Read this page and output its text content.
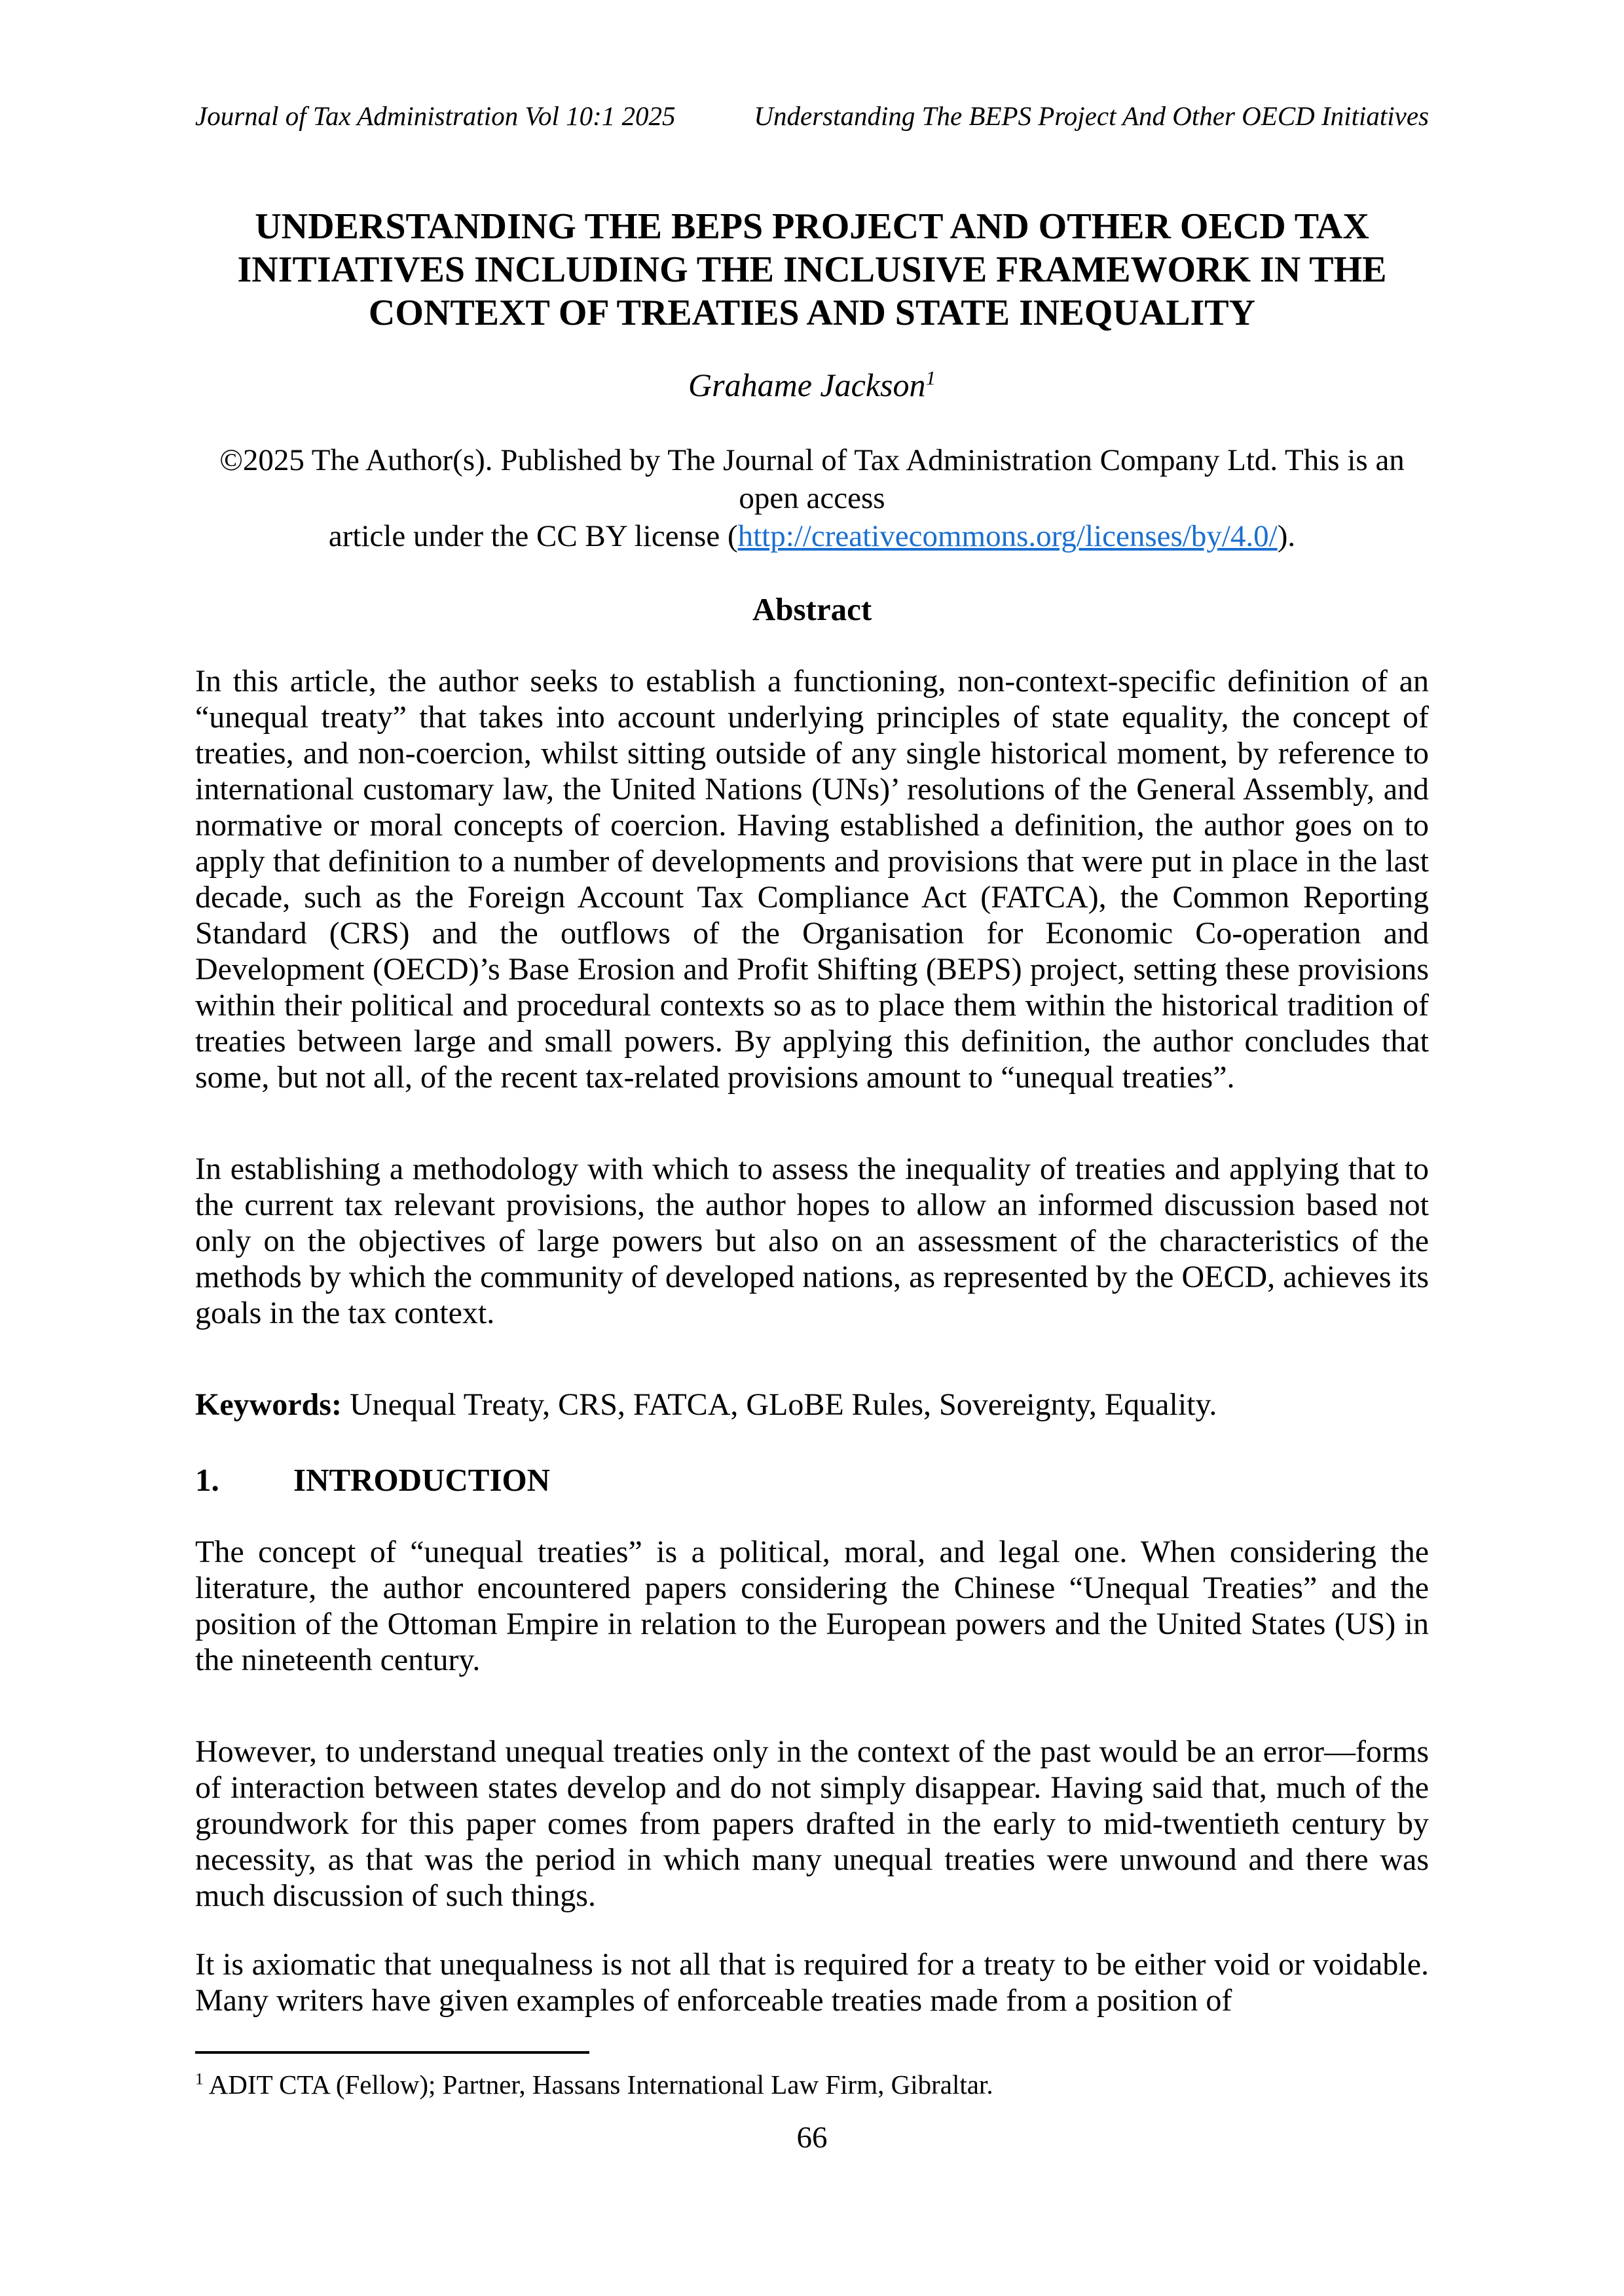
Journal of Tax Administration Vol 10:1 2025	Understanding The BEPS Project And Other OECD Initiatives
UNDERSTANDING THE BEPS PROJECT AND OTHER OECD TAX
INITIATIVES INCLUDING THE INCLUSIVE FRAMEWORK IN THE
CONTEXT OF TREATIES AND STATE INEQUALITY
Grahame Jackson$^1$
©2025 The Author(s). Published by The Journal of Tax Administration Company Ltd. This is an open access
article under the CC BY license (http://creativecommons.org/licenses/by/4.0/).
Abstract

In this article, the author seeks to establish a functioning, non-context-specific definition of an “unequal treaty” that takes into account underlying principles of state equality, the concept of treaties, and non-coercion, whilst sitting outside of any single historical moment, by reference to international customary law, the United Nations (UNs)’ resolutions of the General Assembly, and normative or moral concepts of coercion. Having established a definition, the author goes on to apply that definition to a number of developments and provisions that were put in place in the last decade, such as the Foreign Account Tax Compliance Act (FATCA), the Common Reporting Standard (CRS) and the outflows of the Organisation for Economic Co-operation and Development (OECD)’s Base Erosion and Profit Shifting (BEPS) project, setting these provisions within their political and procedural contexts so as to place them within the historical tradition of treaties between large and small powers. By applying this definition, the author concludes that some, but not all, of the recent tax-related provisions amount to “unequal treaties”.

In establishing a methodology with which to assess the inequality of treaties and applying that to the current tax relevant provisions, the author hopes to allow an informed discussion based not only on the objectives of large powers but also on an assessment of the characteristics of the methods by which the community of developed nations, as represented by the OECD, achieves its goals in the tax context.

Keywords: Unequal Treaty, CRS, FATCA, GLoBE Rules, Sovereignty, Equality.
1. INTRODUCTION

The concept of “unequal treaties” is a political, moral, and legal one. When considering the literature, the author encountered papers considering the Chinese “Unequal Treaties” and the position of the Ottoman Empire in relation to the European powers and the United States (US) in the nineteenth century.

However, to understand unequal treaties only in the context of the past would be an error—forms of interaction between states develop and do not simply disappear. Having said that, much of the groundwork for this paper comes from papers drafted in the early to mid-twentieth century by necessity, as that was the period in which many unequal treaties were unwound and there was much discussion of such things.

It is axiomatic that unequalness is not all that is required for a treaty to be either void or voidable. Many writers have given examples of enforceable treaties made from a position of

$^1$ ADIT CTA (Fellow); Partner, Hassans International Law Firm, Gibraltar.
66
